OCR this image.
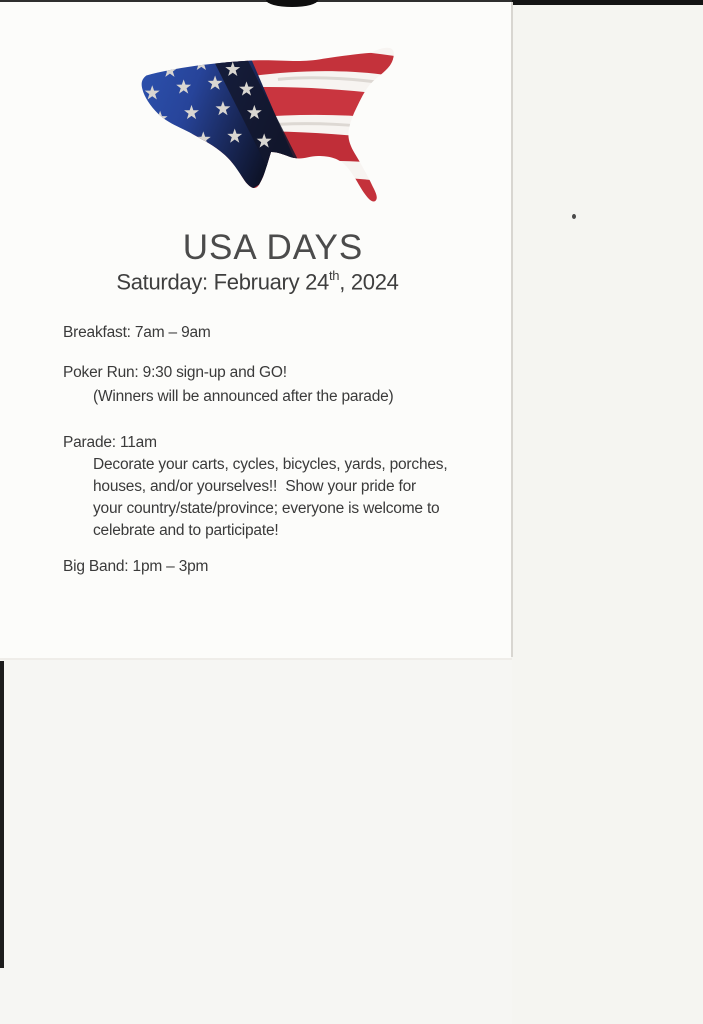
USA DAYS
Saturday: February 24th, 2024
Breakfast: 7am – 9am
Poker Run: 9:30 sign-up and GO!
(Winners will be announced after the parade)
Parade: 11am
Decorate your carts, cycles, bicycles, yards, porches,
houses, and/or yourselves!!  Show your pride for
your country/state/province; everyone is welcome to
celebrate and to participate!
Big Band: 1pm – 3pm
